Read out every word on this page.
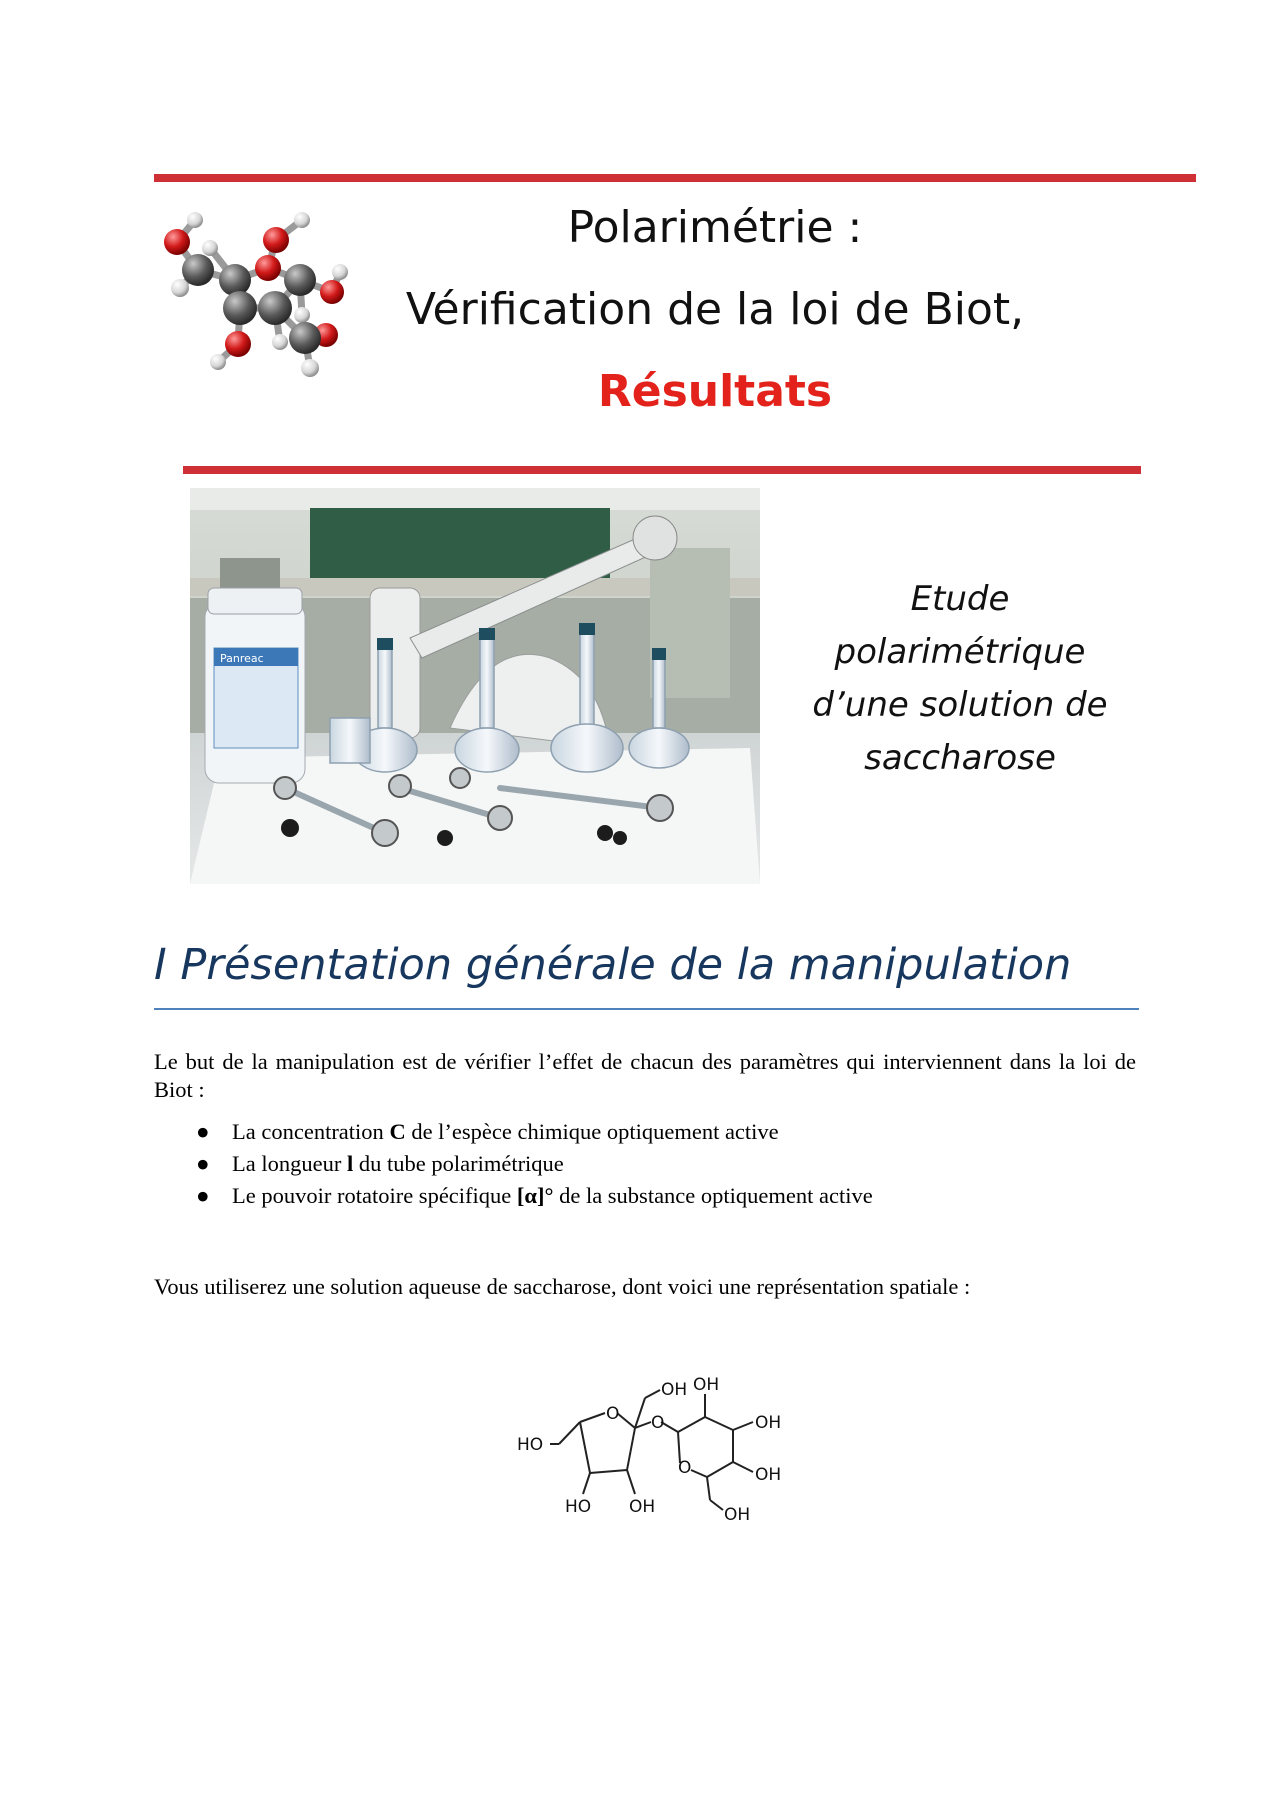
Polarimétrie :
Vérification de la loi de Biot,
Résultats
Panreac
Etude
polarimétrique
d’une solution de
saccharose
I Présentation générale de la manipulation
Le but de la manipulation est de vérifier l’effet de chacun des paramètres qui interviennent dans la loi de Biot :
● La concentration C de l’espèce chimique optiquement active
● La longueur l du tube polarimétrique
● Le pouvoir rotatoire spécifique [α]° de la substance optiquement active
Vous utiliserez une solution aqueuse de saccharose, dont voici une représentation spatiale :
O O
O
OH OH
OH
OH
OH
HO
HO OH
